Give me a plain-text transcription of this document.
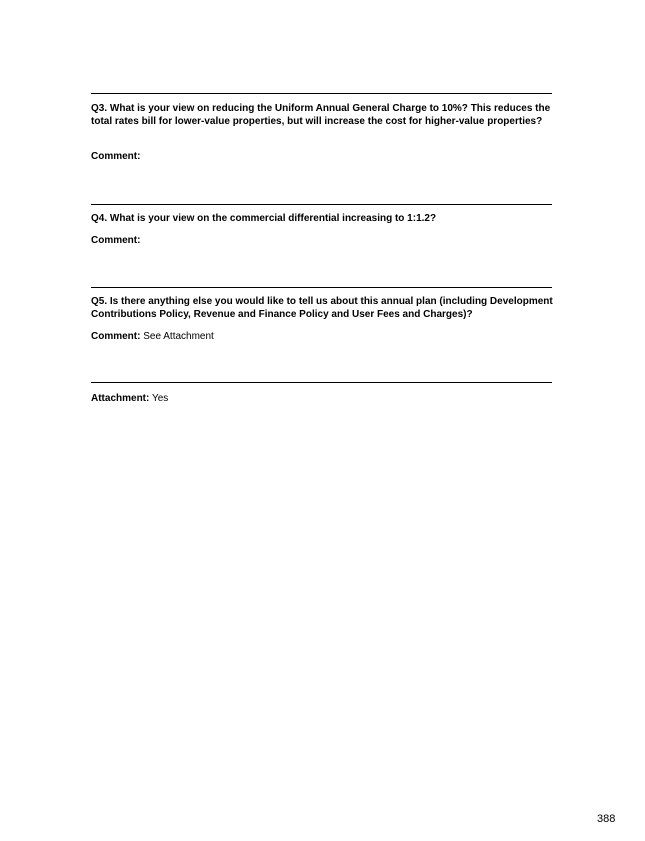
Q3. What is your view on reducing the Uniform Annual General Charge to 10%? This reduces the total rates bill for lower-value properties, but will increase the cost for higher-value properties?
Comment:
Q4. What is your view on the commercial differential increasing to 1:1.2?
Comment:
Q5. Is there anything else you would like to tell us about this annual plan (including Development Contributions Policy, Revenue and Finance Policy and User Fees and Charges)?
Comment: See Attachment
Attachment: Yes
388
